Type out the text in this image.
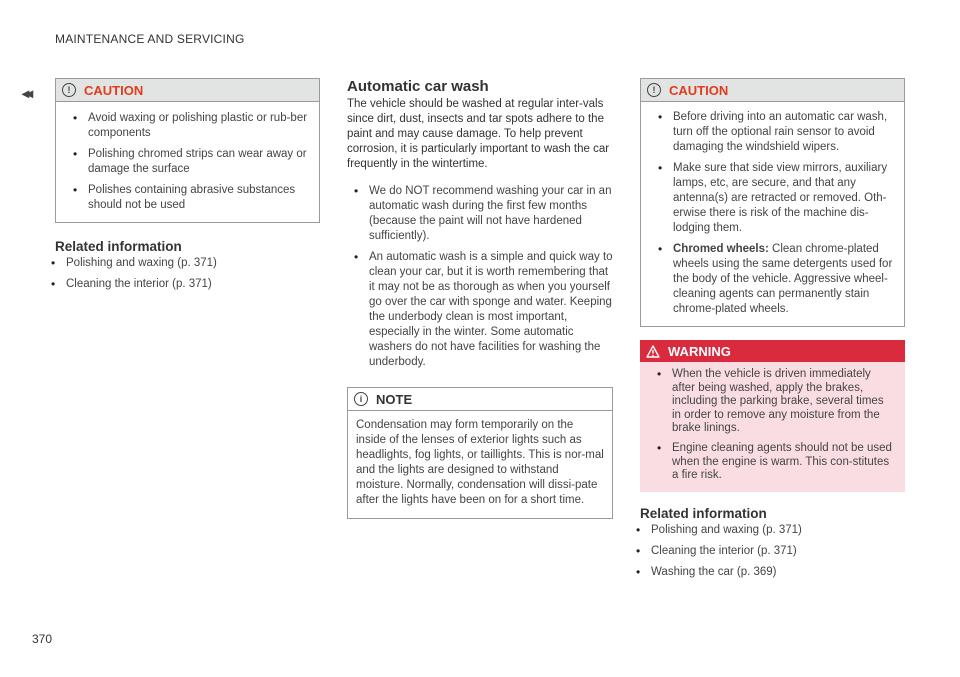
MAINTENANCE AND SERVICING
◂◂
370
!	CAUTION
• Avoid waxing or polishing plastic or rub-ber components
• Polishing chromed strips can wear away or damage the surface
• Polishes containing abrasive substances should not be used
Related information
• Polishing and waxing (p. 371)
• Cleaning the interior (p. 371)
Automatic car wash

The vehicle should be washed at regular inter-vals since dirt, dust, insects and tar spots adhere to the paint and may cause damage. To help prevent corrosion, it is particularly important to wash the car frequently in the wintertime.

• We do NOT recommend washing your car in an automatic wash during the first few months (because the paint will not have hardened sufficiently).
• An automatic wash is a simple and quick way to clean your car, but it is worth remembering that it may not be as thorough as when you yourself go over the car with sponge and water. Keeping the underbody clean is most important, especially in the winter. Some automatic washers do not have facilities for washing the underbody.
i	NOTE
Condensation may form temporarily on the inside of the lenses of exterior lights such as headlights, fog lights, or taillights. This is nor-mal and the lights are designed to withstand moisture. Normally, condensation will dissi-pate after the lights have been on for a short time.
!	CAUTION
• Before driving into an automatic car wash, turn off the optional rain sensor to avoid damaging the windshield wipers.
• Make sure that side view mirrors, auxiliary lamps, etc, are secure, and that any antenna(s) are retracted or removed. Oth-erwise there is risk of the machine dis-lodging them.
• Chromed wheels: Clean chrome-plated wheels using the same detergents used for the body of the vehicle. Aggressive wheel-cleaning agents can permanently stain chrome-plated wheels.
WARNING
• When the vehicle is driven immediately after being washed, apply the brakes, including the parking brake, several times in order to remove any moisture from the brake linings.
• Engine cleaning agents should not be used when the engine is warm. This con-stitutes a fire risk.
Related information
• Polishing and waxing (p. 371)
• Cleaning the interior (p. 371)
• Washing the car (p. 369)
